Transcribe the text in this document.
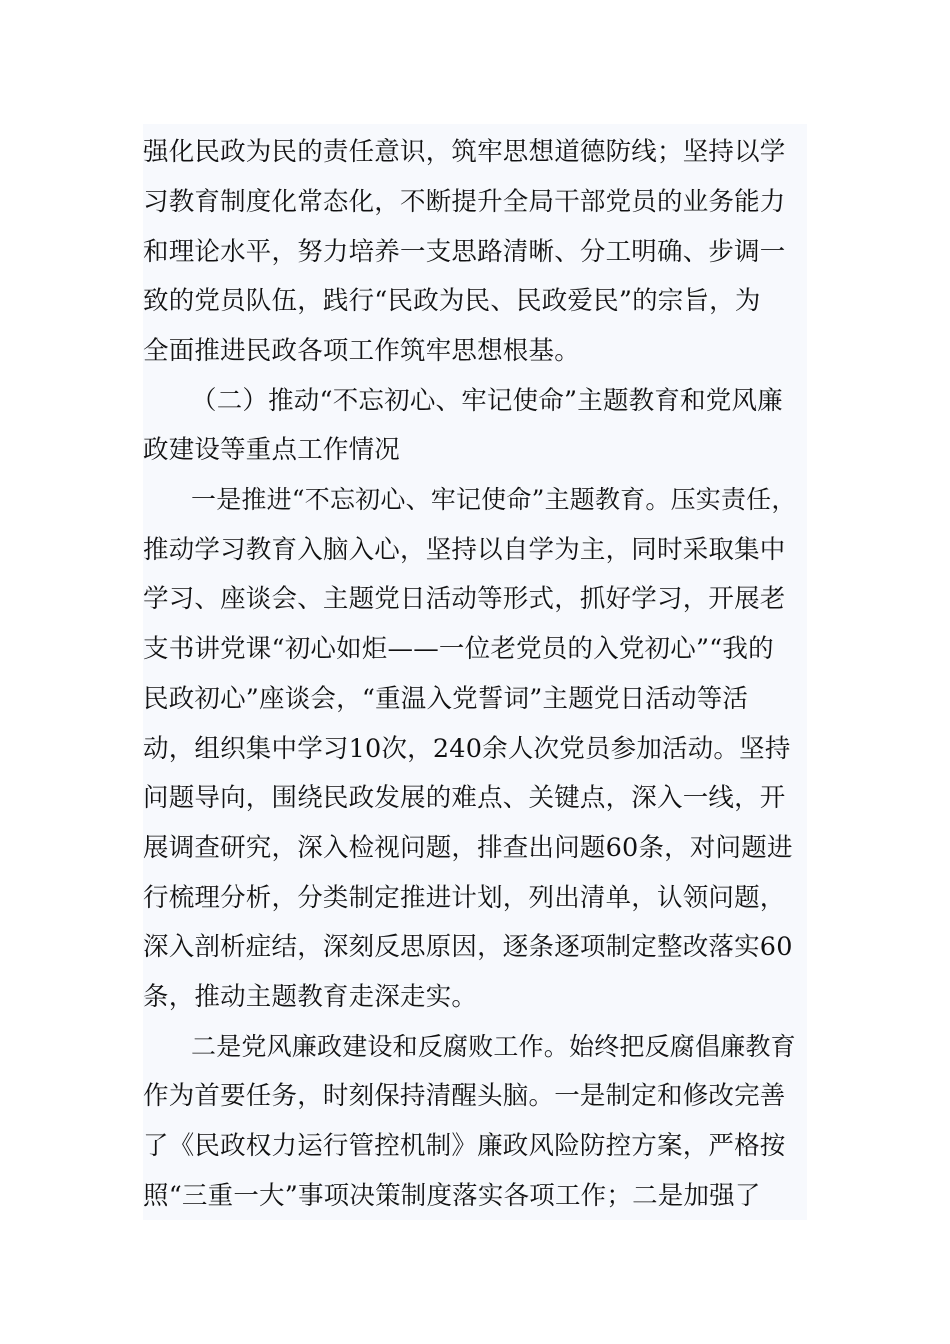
强化民政为民的责任意识，筑牢思想道德防线；坚持以学
习教育制度化常态化，不断提升全局干部党员的业务能力
和理论水平，努力培养一支思路清晰、分工明确、步调一
致的党员队伍，践行“民政为民、民政爱民”的宗旨，为
全面推进民政各项工作筑牢思想根基。
（二）推动“不忘初心、牢记使命”主题教育和党风廉
政建设等重点工作情况
一是推进“不忘初心、牢记使命”主题教育。压实责任，
推动学习教育入脑入心，坚持以自学为主，同时采取集中
学习、座谈会、主题党日活动等形式，抓好学习，开展老
支书讲党课“初心如炬——一位老党员的入党初心”“我的
民政初心”座谈会，“重温入党誓词”主题党日活动等活
动，组织集中学习10次，240余人次党员参加活动。坚持
问题导向，围绕民政发展的难点、关键点，深入一线，开
展调查研究，深入检视问题，排查出问题60条，对问题进
行梳理分析，分类制定推进计划，列出清单，认领问题，
深入剖析症结，深刻反思原因，逐条逐项制定整改落实60
条，推动主题教育走深走实。
二是党风廉政建设和反腐败工作。始终把反腐倡廉教育
作为首要任务，时刻保持清醒头脑。一是制定和修改完善
了《民政权力运行管控机制》廉政风险防控方案，严格按
照“三重一大”事项决策制度落实各项工作；二是加强了
